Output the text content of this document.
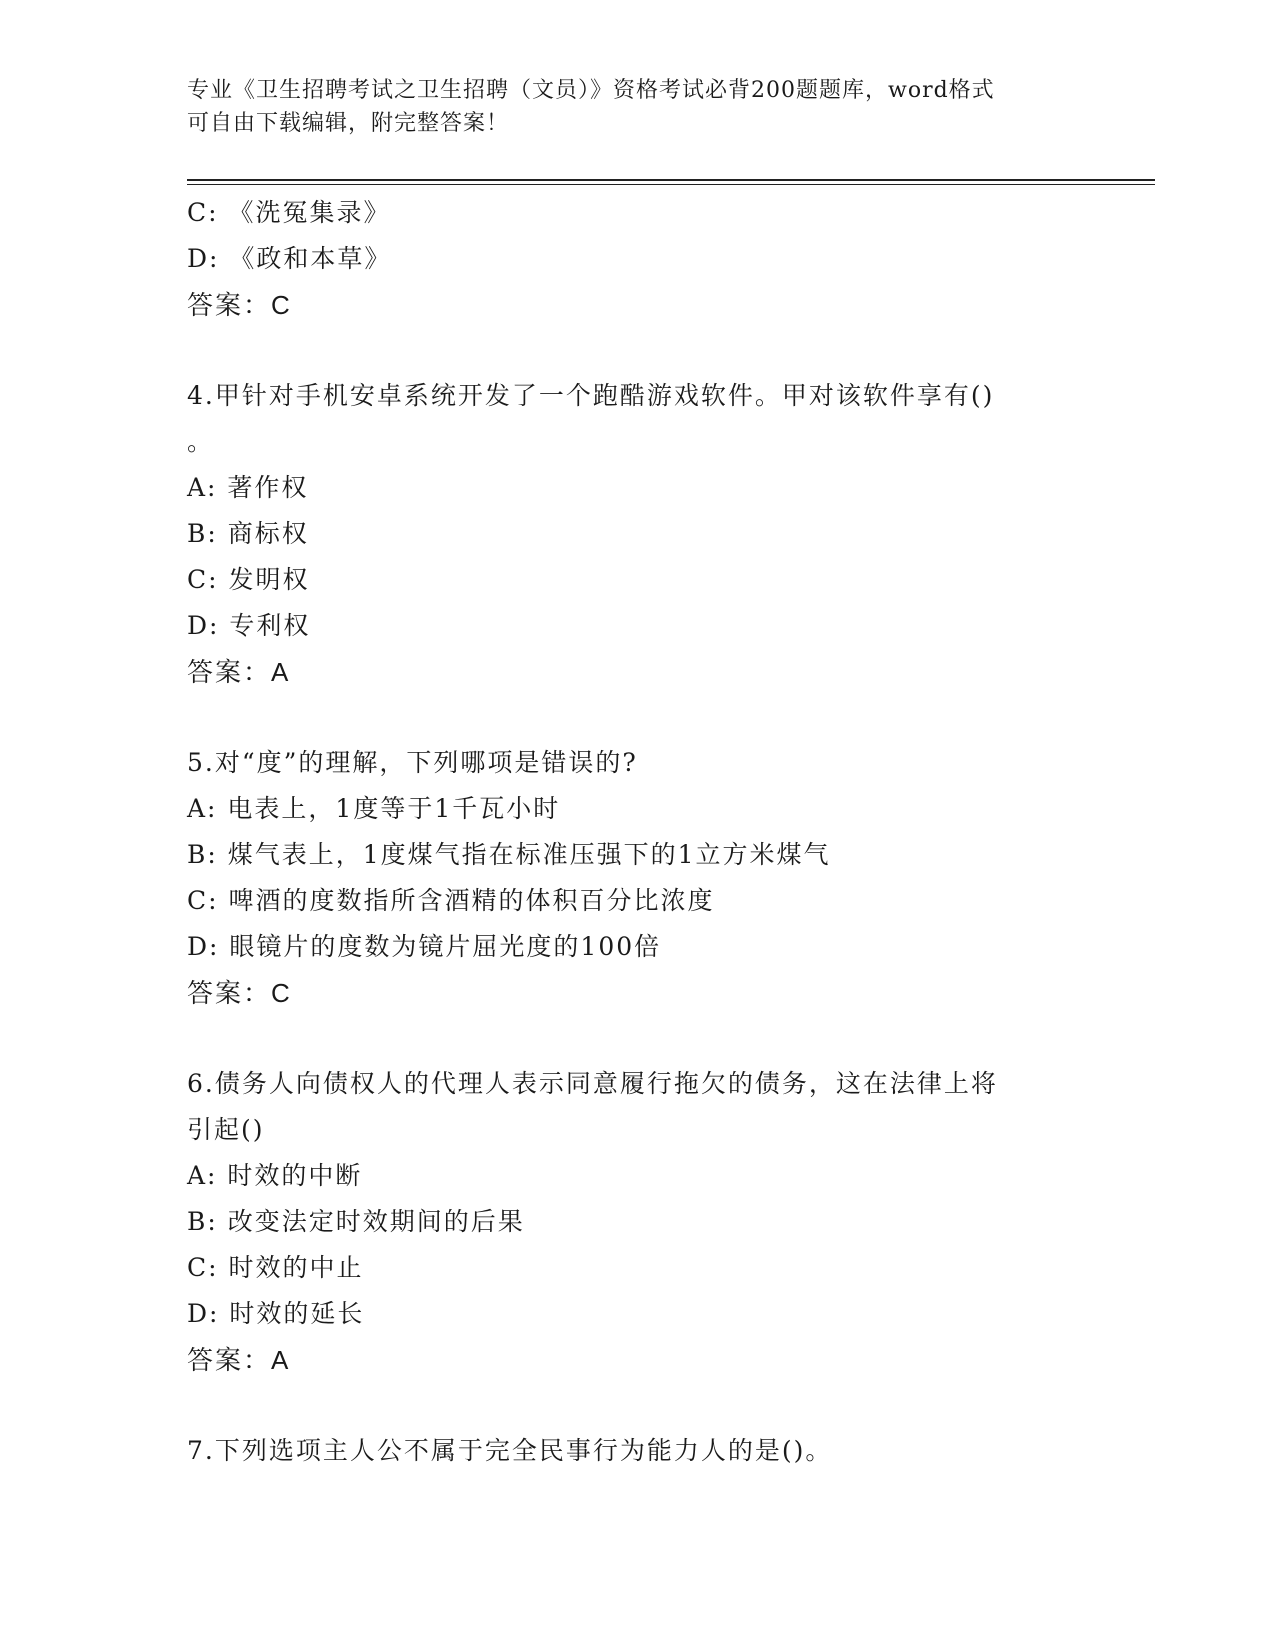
专业《卫生招聘考试之卫生招聘（文员）》资格考试必背200题题库，word格式
可自由下载编辑，附完整答案！
C: 《洗冤集录》
D: 《政和本草》
答案：C
4.甲针对手机安卓系统开发了一个跑酷游戏软件。甲对该软件享有()
。
A: 著作权
B: 商标权
C: 发明权
D: 专利权
答案：A
5.对“度”的理解，下列哪项是错误的?
A: 电表上，1度等于1千瓦小时
B: 煤气表上，1度煤气指在标准压强下的1立方米煤气
C: 啤酒的度数指所含酒精的体积百分比浓度
D: 眼镜片的度数为镜片屈光度的100倍
答案：C
6.债务人向债权人的代理人表示同意履行拖欠的债务，这在法律上将
引起()
A: 时效的中断
B: 改变法定时效期间的后果
C: 时效的中止
D: 时效的延长
答案：A
7.下列选项主人公不属于完全民事行为能力人的是()。
